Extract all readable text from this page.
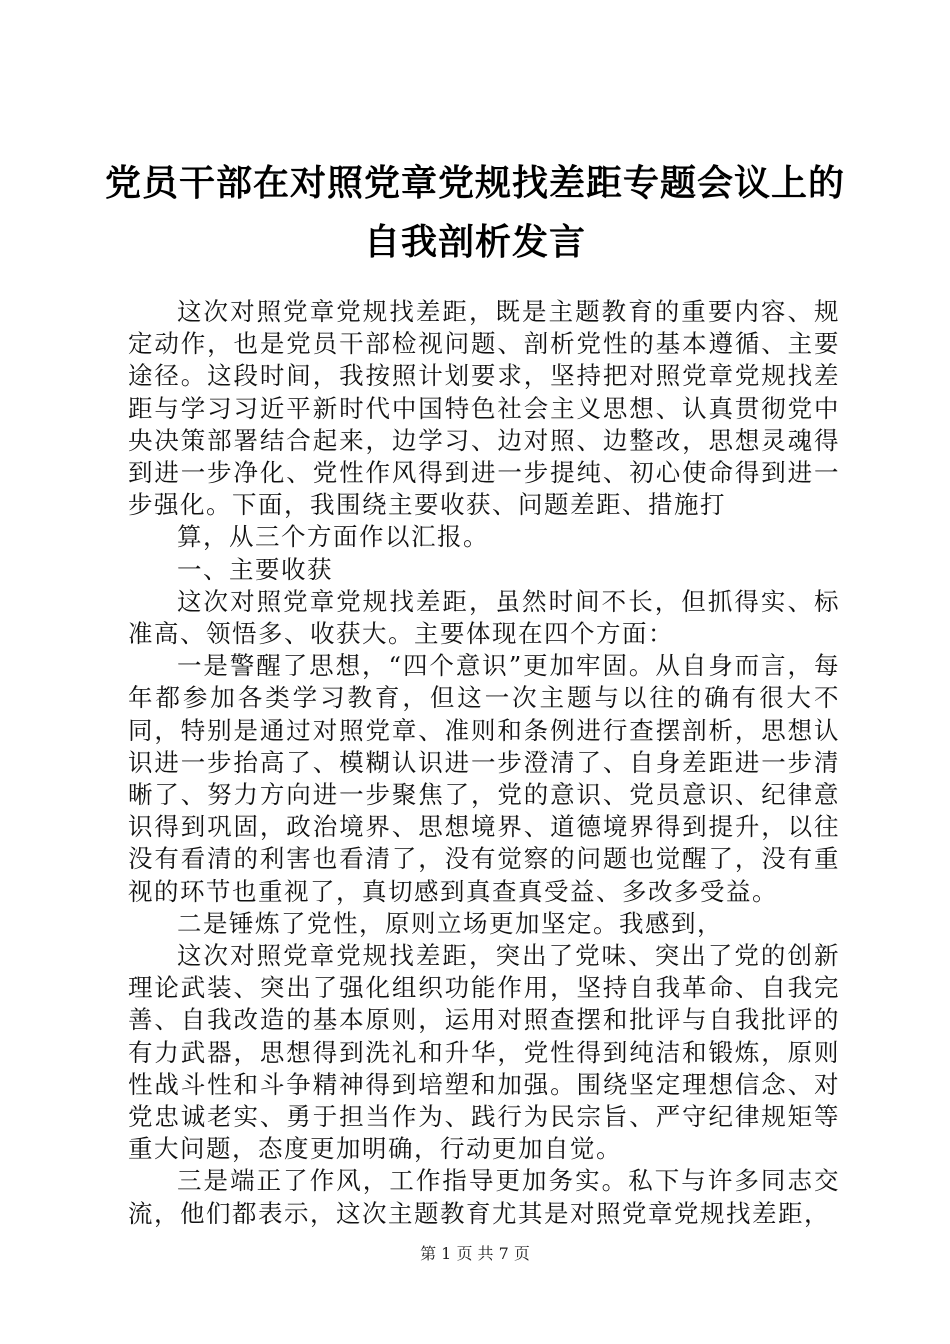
党员干部在对照党章党规找差距专题会议上的
自我剖析发言

这次对照党章党规找差距，既是主题教育的重要内容、规定动作，也是党员干部检视问题、剖析党性的基本遵循、主要途径。这段时间，我按照计划要求，坚持把对照党章党规找差距与学习习近平新时代中国特色社会主义思想、认真贯彻党中央决策部署结合起来，边学习、边对照、边整改，思想灵魂得到进一步净化、党性作风得到进一步提纯、初心使命得到进一步强化。下面，我围绕主要收获、问题差距、措施打

算，从三个方面作以汇报。

一、主要收获

这次对照党章党规找差距，虽然时间不长，但抓得实、标准高、领悟多、收获大。主要体现在四个方面：

一是警醒了思想，“四个意识”更加牢固。从自身而言，每年都参加各类学习教育，但这一次主题与以往的确有很大不同，特别是通过对照党章、准则和条例进行查摆剖析，思想认识进一步抬高了、模糊认识进一步澄清了、自身差距进一步清晰了、努力方向进一步聚焦了，党的意识、党员意识、纪律意识得到巩固，政治境界、思想境界、道德境界得到提升，以往没有看清的利害也看清了，没有觉察的问题也觉醒了，没有重视的环节也重视了，真切感到真查真受益、多改多受益。

二是锤炼了党性，原则立场更加坚定。我感到，

这次对照党章党规找差距，突出了党味、突出了党的创新理论武装、突出了强化组织功能作用，坚持自我革命、自我完善、自我改造的基本原则，运用对照查摆和批评与自我批评的有力武器，思想得到洗礼和升华，党性得到纯洁和锻炼，原则性战斗性和斗争精神得到培塑和加强。围绕坚定理想信念、对党忠诚老实、勇于担当作为、践行为民宗旨、严守纪律规矩等重大问题，态度更加明确，行动更加自觉。

三是端正了作风，工作指导更加务实。私下与许多同志交流，他们都表示，这次主题教育尤其是对照党章党规找差距，

第 1 页 共 7 页
